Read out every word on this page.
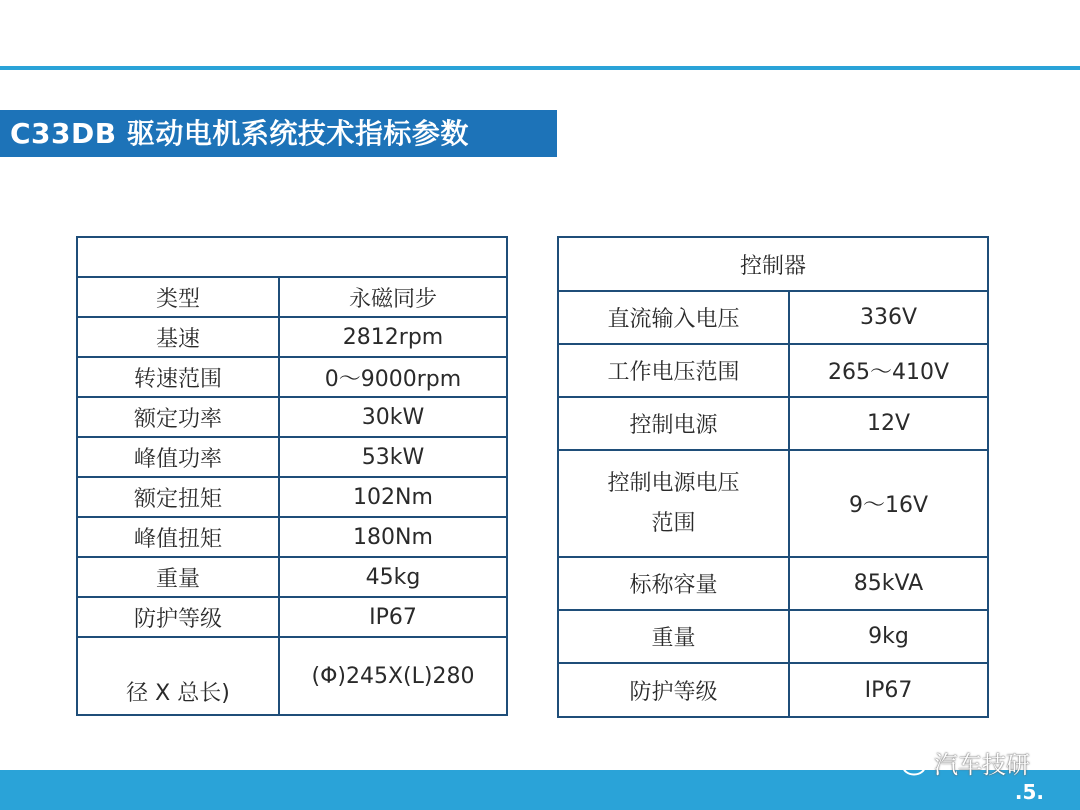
C33DB 驱动电机系统技术指标参数

类型	永磁同步
基速	2812rpm
转速范围	0～9000rpm
额定功率	30kW
峰值功率	53kW
额定扭矩	102Nm
峰值扭矩	180Nm
重量	45kg
防护等级	IP67

径 X 总长)	(Φ)245X(L)280
控制器	
直流输入电压	336V
工作电压范围	265～410V
控制电源	12V

控制电源电压
范围	9～16V
标称容量	85kVA
重量	9kg
防护等级	IP67
汽车技研
.5.
